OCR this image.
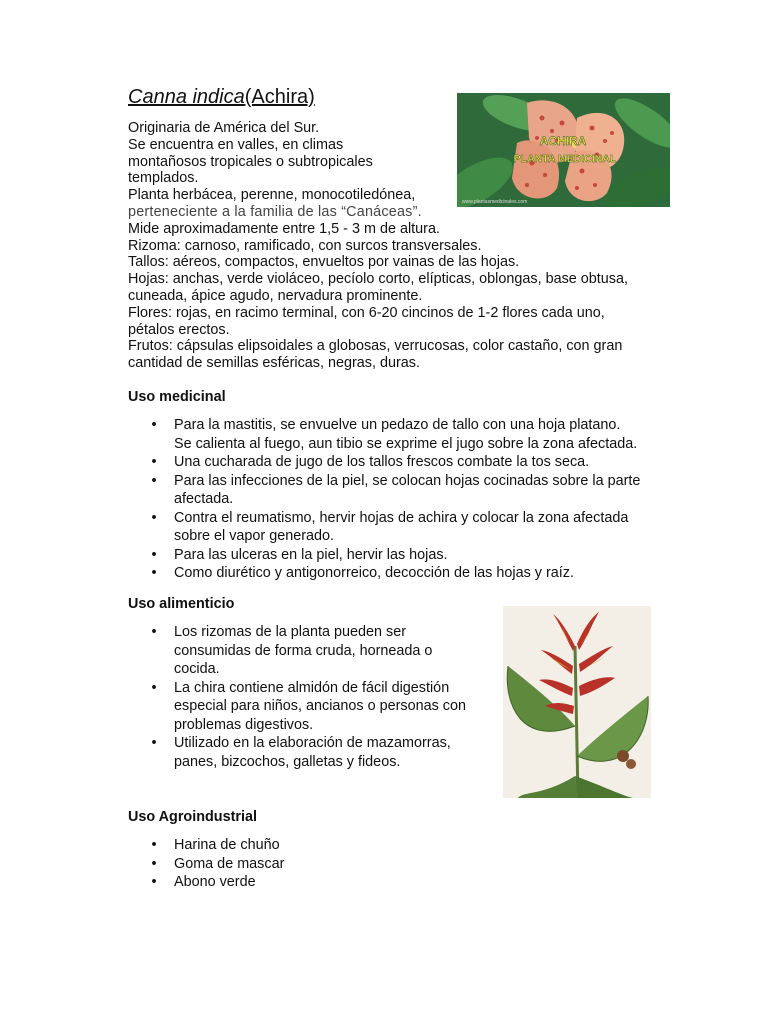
Canna indica(Achira)
ACHIRA
PLANTA MEDICINAL
www.plantasmedicinales.com
Originaria de América del Sur.
Se encuentra en valles, en climas
montañosos tropicales o subtropicales
templados.
Planta herbácea, perenne, monocotiledónea,
perteneciente a la familia de las “Canáceas”.
Mide aproximadamente entre 1,5 - 3 m de altura.
Rizoma: carnoso, ramificado, con surcos transversales.
Tallos: aéreos, compactos, envueltos por vainas de las hojas.
Hojas: anchas, verde violáceo, pecíolo corto, elípticas, oblongas, base obtusa,
cuneada, ápice agudo, nervadura prominente.
Flores: rojas, en racimo terminal, con 6-20 cincinos de 1-2 flores cada uno,
pétalos erectos.
Frutos: cápsulas elipsoidales a globosas, verrucosas, color castaño, con gran
cantidad de semillas esféricas, negras, duras.
Uso medicinal
• Para la mastitis, se envuelve un pedazo de tallo con una hoja platano.
Se calienta al fuego, aun tibio se exprime el jugo sobre la zona afectada.
• Una cucharada de jugo de los tallos frescos combate la tos seca.
• Para las infecciones de la piel, se colocan hojas cocinadas sobre la parte
afectada.
• Contra el reumatismo, hervir hojas de achira y colocar la zona afectada
sobre el vapor generado.
• Para las ulceras en la piel, hervir las hojas.
• Como diurético y antigonorreico, decocción de las hojas y raíz.
Uso alimenticio
• Los rizomas de la planta pueden ser
consumidas de forma cruda, horneada o
cocida.
• La chira contiene almidón de fácil digestión
especial para niños, ancianos o personas con
problemas digestivos.
• Utilizado en la elaboración de mazamorras,
panes, bizcochos, galletas y fideos.
Uso Agroindustrial
• Harina de chuño
• Goma de mascar
• Abono verde
